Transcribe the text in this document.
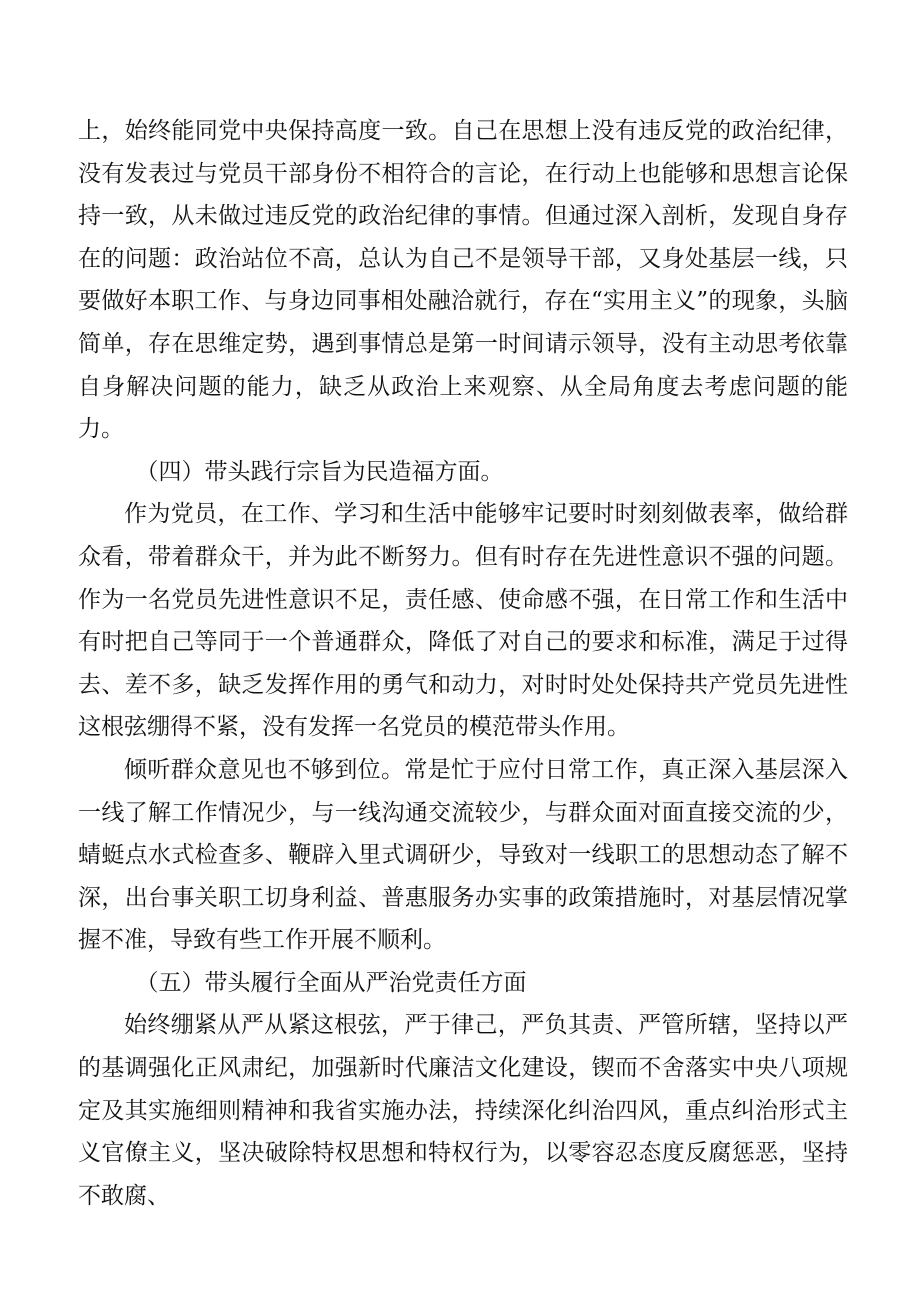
上，始终能同党中央保持高度一致。自己在思想上没有违反党的政治纪律，没有发表过与党员干部身份不相符合的言论，在行动上也能够和思想言论保持一致，从未做过违反党的政治纪律的事情。但通过深入剖析，发现自身存在的问题：政治站位不高，总认为自己不是领导干部，又身处基层一线，只要做好本职工作、与身边同事相处融洽就行，存在“实用主义”的现象，头脑简单，存在思维定势，遇到事情总是第一时间请示领导，没有主动思考依靠自身解决问题的能力，缺乏从政治上来观察、从全局角度去考虑问题的能力。

（四）带头践行宗旨为民造福方面。

作为党员，在工作、学习和生活中能够牢记要时时刻刻做表率，做给群众看，带着群众干，并为此不断努力。但有时存在先进性意识不强的问题。作为一名党员先进性意识不足，责任感、使命感不强，在日常工作和生活中有时把自己等同于一个普通群众，降低了对自己的要求和标准，满足于过得去、差不多，缺乏发挥作用的勇气和动力，对时时处处保持共产党员先进性这根弦绷得不紧，没有发挥一名党员的模范带头作用。

倾听群众意见也不够到位。常是忙于应付日常工作，真正深入基层深入一线了解工作情况少，与一线沟通交流较少，与群众面对面直接交流的少，蜻蜓点水式检查多、鞭辟入里式调研少，导致对一线职工的思想动态了解不深，出台事关职工切身利益、普惠服务办实事的政策措施时，对基层情况掌握不准，导致有些工作开展不顺利。

（五）带头履行全面从严治党责任方面

始终绷紧从严从紧这根弦，严于律己，严负其责、严管所辖，坚持以严的基调强化正风肃纪，加强新时代廉洁文化建设，锲而不舍落实中央八项规定及其实施细则精神和我省实施办法，持续深化纠治四风，重点纠治形式主义官僚主义，坚决破除特权思想和特权行为，以零容忍态度反腐惩恶，坚持不敢腐、
